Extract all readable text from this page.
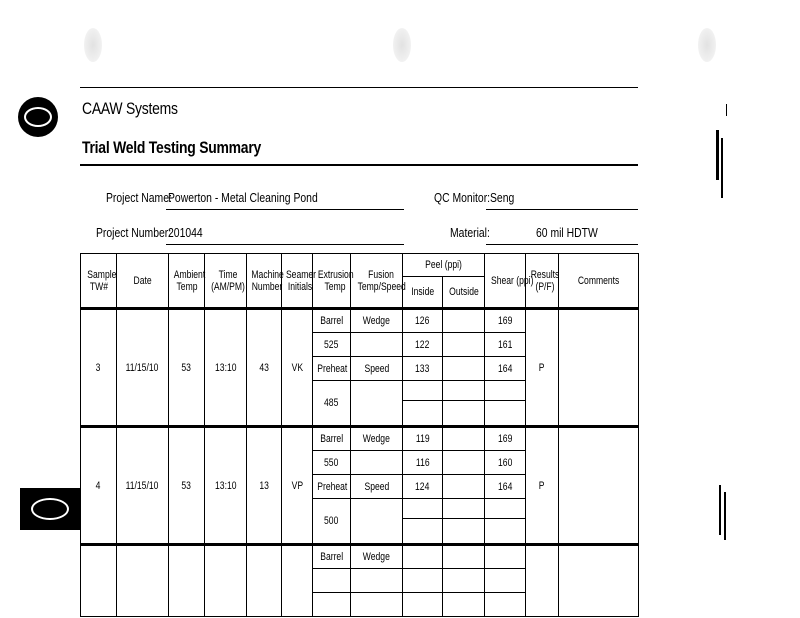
CAAW Systems
Trial Weld Testing Summary
Project Name:
Powerton - Metal Cleaning Pond	QC Monitor: Seng
Project Number:
201044	Material:	60 mil HDTW
Sample TW#	Date	Ambient Temp	Time (AM/PM)	Machine Number	Seamer Initials	Extrusion Temp	Fusion Temp/Speed	Peel (ppi)		Shear (ppi)	Results (P/F)	Comments
								Inside	Outside			
3	11/15/10	53	13:10	43	VK	Barrel	Wedge	126		169	P	
						525		122		161		
						Preheat	Speed	133		164		
						485						

4	11/15/10	53	13:10	13	VP	Barrel	Wedge	119		169	P	
						550		116		160		
						Preheat	Speed	124		164		
						500						

						Barrel	Wedge					
